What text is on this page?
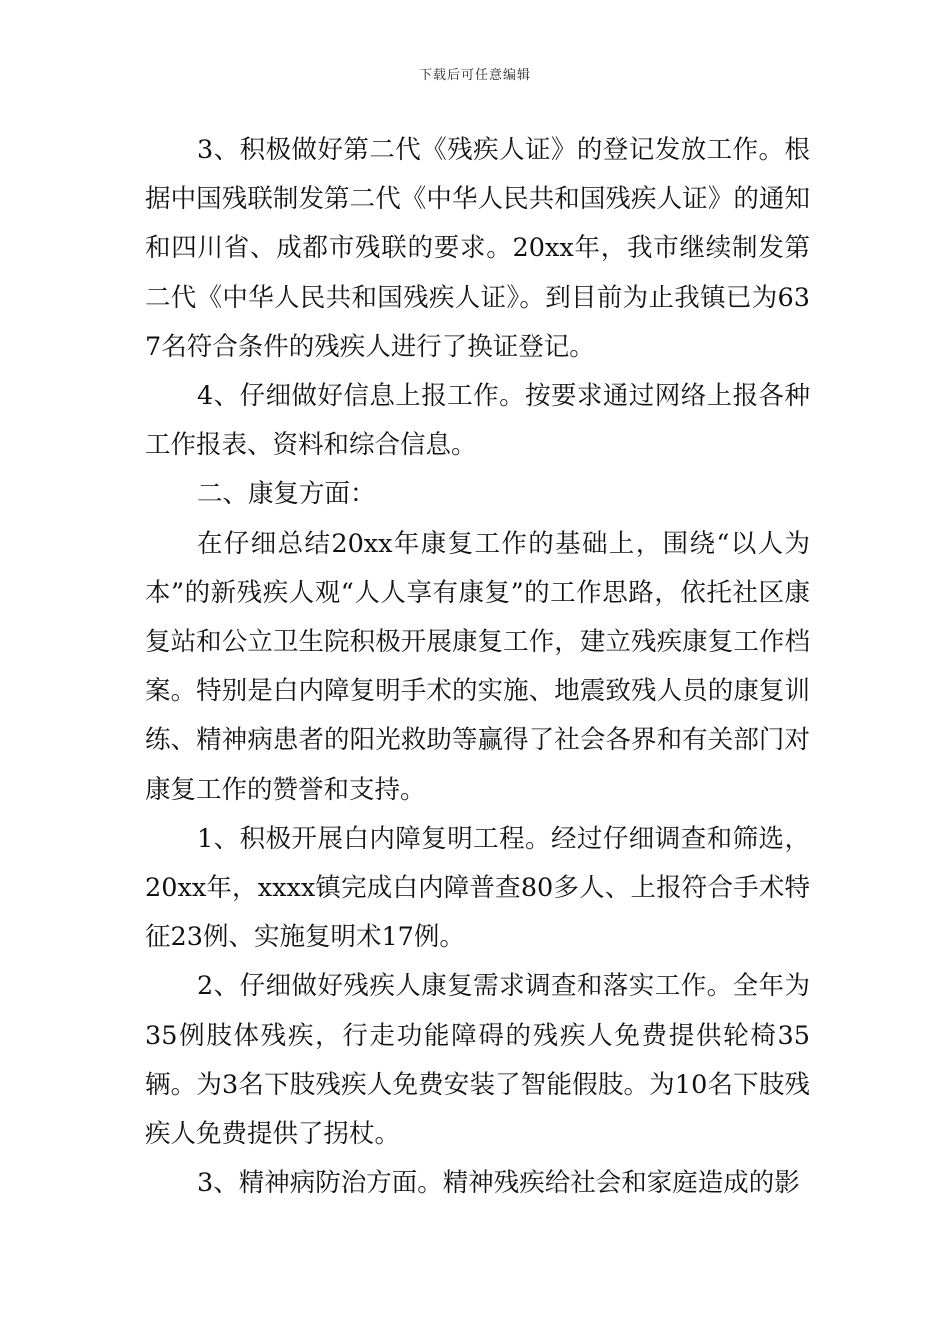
下载后可任意编辑

3、积极做好第二代《残疾人证》的登记发放工作。根据中国残联制发第二代《中华人民共和国残疾人证》的通知和四川省、成都市残联的要求。20xx年，我市继续制发第二代《中华人民共和国残疾人证》。到目前为止我镇已为637名符合条件的残疾人进行了换证登记。

4、仔细做好信息上报工作。按要求通过网络上报各种工作报表、资料和综合信息。

二、康复方面：

在仔细总结20xx年康复工作的基础上，围绕“以人为本”的新残疾人观“人人享有康复”的工作思路，依托社区康复站和公立卫生院积极开展康复工作，建立残疾康复工作档案。特别是白内障复明手术的实施、地震致残人员的康复训练、精神病患者的阳光救助等赢得了社会各界和有关部门对康复工作的赞誉和支持。

1、积极开展白内障复明工程。经过仔细调查和筛选，20xx年，xxxx镇完成白内障普查80多人、上报符合手术特征23例、实施复明术17例。

2、仔细做好残疾人康复需求调查和落实工作。全年为35例肢体残疾，行走功能障碍的残疾人免费提供轮椅35辆。为3名下肢残疾人免费安装了智能假肢。为10名下肢残疾人免费提供了拐杖。

3、精神病防治方面。精神残疾给社会和家庭造成的影
